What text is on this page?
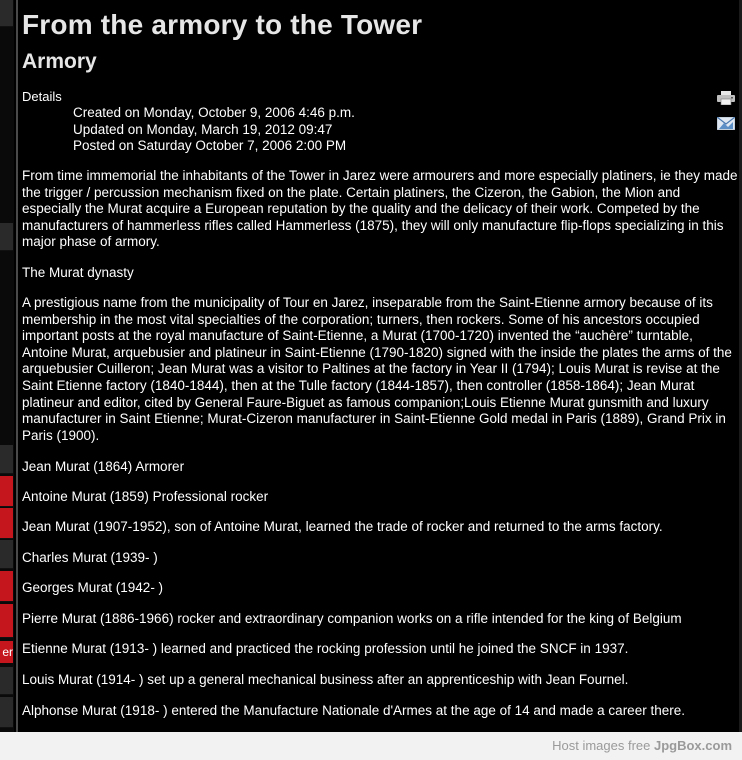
er
From the armory to the Tower
Armory
Details
Created on Monday, October 9, 2006 4:46 p.m.
Updated on Monday, March 19, 2012 09:47
Posted on Saturday October 7, 2006 2:00 PM

From time immemorial the inhabitants of the Tower in Jarez were armourers and more especially platiners, ie they made the trigger / percussion mechanism fixed on the plate. Certain platiners, the Cizeron, the Gabion, the Mion and especially the Murat acquire a European reputation by the quality and the delicacy of their work. Competed by the manufacturers of hammerless rifles called Hammerless (1875), they will only manufacture flip-flops specializing in this major phase of armory.

The Murat dynasty

A prestigious name from the municipality of Tour en Jarez, inseparable from the Saint-Etienne armory because of its membership in the most vital specialties of the corporation; turners, then rockers. Some of his ancestors occupied important posts at the royal manufacture of Saint-Etienne, a Murat (1700-1720) invented the “auchère” turntable, Antoine Murat, arquebusier and platineur in Saint-Etienne (1790-1820) signed with the inside the plates the arms of the arquebusier Cuilleron; Jean Murat was a visitor to Paltines at the factory in Year II (1794); Louis Murat is revise at the Saint Etienne factory (1840-1844), then at the Tulle factory (1844-1857), then controller (1858-1864); Jean Murat platineur and editor, cited by General Faure-Biguet as famous companion;Louis Etienne Murat gunsmith and luxury manufacturer in Saint Etienne; Murat-Cizeron manufacturer in Saint-Etienne Gold medal in Paris (1889), Grand Prix in Paris (1900).

Jean Murat (1864) Armorer
Antoine Murat (1859) Professional rocker
Jean Murat (1907-1952), son of Antoine Murat, learned the trade of rocker and returned to the arms factory.
Charles Murat (1939- )
Georges Murat (1942- )
Pierre Murat (1886-1966) rocker and extraordinary companion works on a rifle intended for the king of Belgium
Etienne Murat (1913- ) learned and practiced the rocking profession until he joined the SNCF in 1937.
Louis Murat (1914- ) set up a general mechanical business after an apprenticeship with Jean Fournel.
Alphonse Murat (1918- ) entered the Manufacture Nationale d'Armes at the age of 14 and made a career there.
Host images free JpgBox.com
